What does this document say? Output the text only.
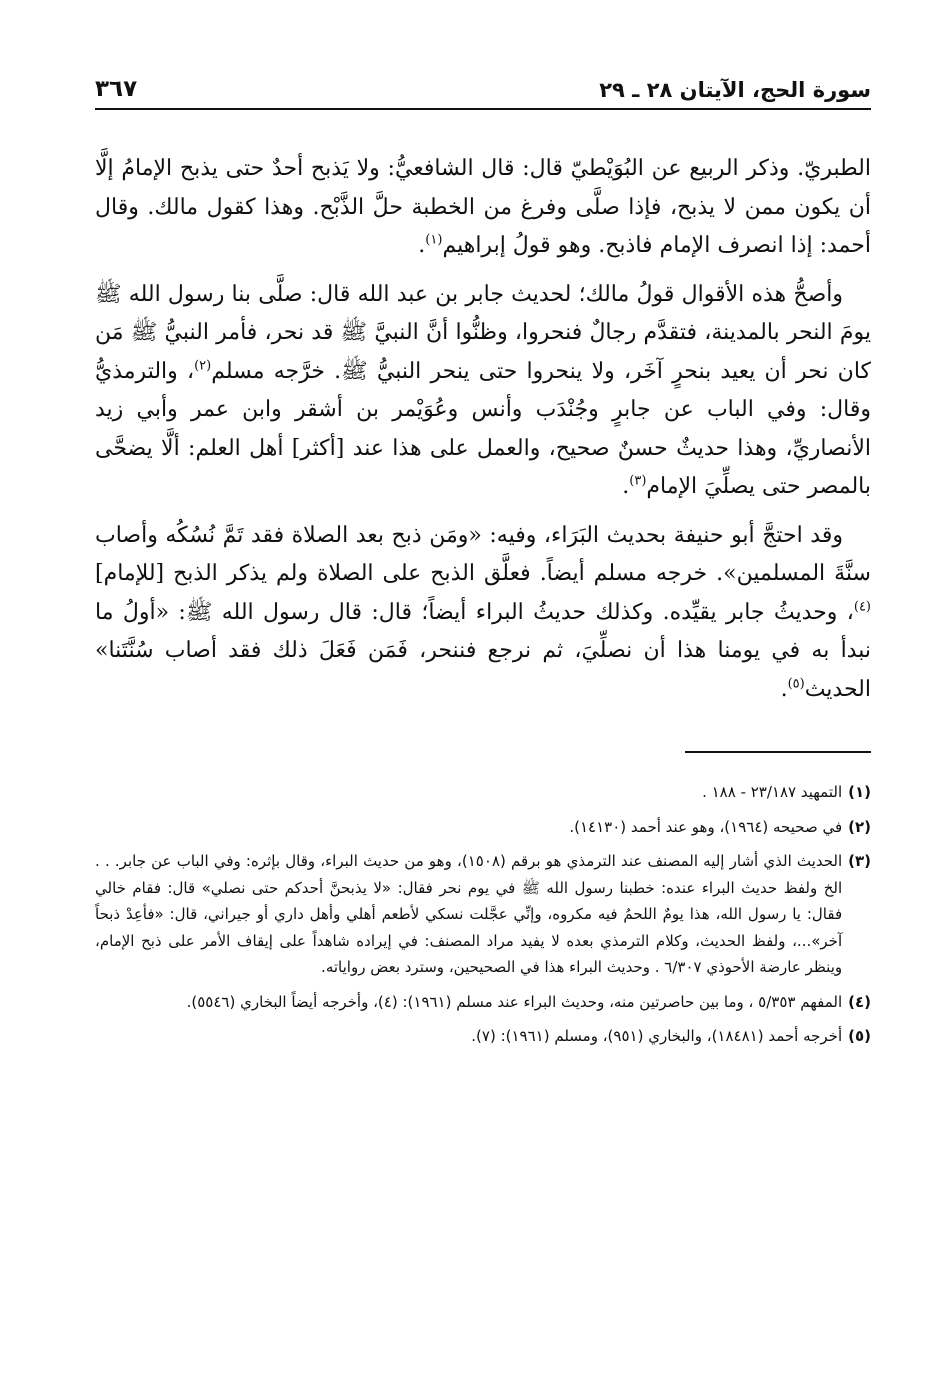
سورة الحج، الآيتان ٢٨ ـ ٢٩
٣٦٧

الطبريّ. وذكر الربيع عن البُوَيْطيّ قال: قال الشافعيُّ: ولا يَذبح أحدٌ حتى يذبح الإمامُ إلَّا أن يكون ممن لا يذبح، فإذا صلَّى وفرغ من الخطبة حلَّ الذَّبْح. وهذا كقول مالك. وقال أحمد: إذا انصرف الإمام فاذبح. وهو قولُ إبراهيم$^{(١)}$.

وأصحُّ هذه الأقوال قولُ مالك؛ لحديث جابر بن عبد الله قال: صلَّى بنا رسول الله ﷺ يومَ النحر بالمدينة، فتقدَّم رجالٌ فنحروا، وظنُّوا أنَّ النبيَّ ﷺ قد نحر، فأمر النبيُّ ﷺ مَن كان نحر أن يعيد بنحرٍ آخَر، ولا ينحروا حتى ينحر النبيُّ ﷺ. خرَّجه مسلم$^{(٢)}$، والترمذيُّ وقال: وفي الباب عن جابرٍ وجُنْدَب وأنس وعُوَيْمر بن أشقر وابن عمر وأبي زيد الأنصاريِّ، وهذا حديثٌ حسنٌ صحيح، والعمل على هذا عند [أكثر] أهل العلم: ألَّا يضحَّى بالمصر حتى يصلِّيَ الإمام$^{(٣)}$.

وقد احتجَّ أبو حنيفة بحديث البَرَاء، وفيه: «ومَن ذبح بعد الصلاة فقد تَمَّ نُسُكُه وأصاب سنَّةَ المسلمين». خرجه مسلم أيضاً. فعلَّق الذبح على الصلاة ولم يذكر الذبح [للإمام]$^{(٤)}$، وحديثُ جابر يقيِّده. وكذلك حديثُ البراء أيضاً؛ قال: قال رسول الله ﷺ: «أولُ ما نبدأ به في يومنا هذا أن نصلِّيَ، ثم نرجع فننحر، فَمَن فَعَلَ ذلك فقد أصاب سُنَّتَنا» الحديث$^{(٥)}$.

(١)
التمهيد ٢٣/١٨٧ - ١٨٨ .
(٢)
في صحيحه (١٩٦٤)، وهو عند أحمد (١٤١٣٠).
(٣)
الحديث الذي أشار إليه المصنف عند الترمذي هو برقم (١٥٠٨)، وهو من حديث البراء، وقال بإثره: وفي الباب عن جابر. . . الخ ولفظ حديث البراء عنده: خطبنا رسول الله ﷺ في يوم نحر فقال: «لا يذبحنَّ أحدكم حتى نصلي» قال: فقام خالي فقال: يا رسول الله، هذا يومٌ اللحمُ فيه مكروه، وإنِّي عجَّلت نسكي لأطعم أهلي وأهل داري أو جيراني، قال: «فأعِدْ ذبحاً آخر»...، ولفظ الحديث، وكلام الترمذي بعده لا يفيد مراد المصنف: في إيراده شاهداً على إيقاف الأمر على ذبح الإمام، وينظر عارضة الأحوذي ٦/٣٠٧ . وحديث البراء هذا في الصحيحين، وسترد بعض رواياته.
(٤)
المفهم ٥/٣٥٣ ، وما بين حاصرتين منه، وحديث البراء عند مسلم (١٩٦١): (٤)، وأخرجه أيضاً البخاري (٥٥٤٦).
(٥)
أخرجه أحمد (١٨٤٨١)، والبخاري (٩٥١)، ومسلم (١٩٦١): (٧).
